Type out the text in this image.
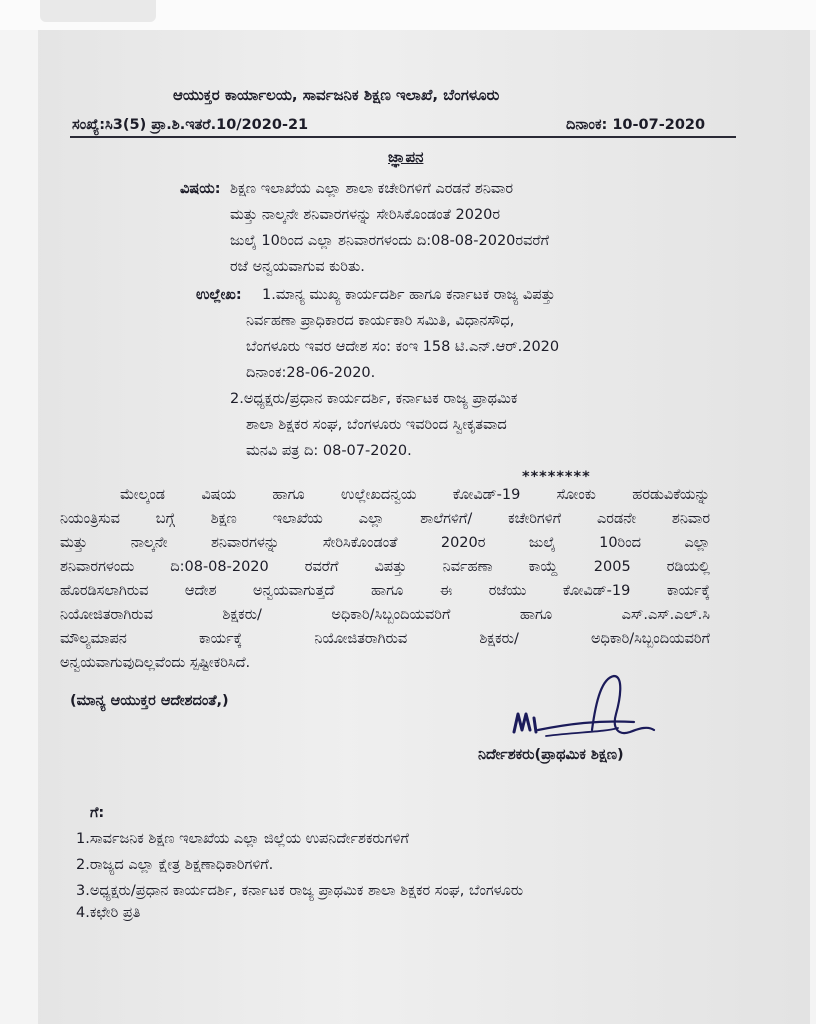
ಆಯುಕ್ತರ ಕಾರ್ಯಾಲಯ, ಸಾರ್ವಜನಿಕ ಶಿಕ್ಷಣ ಇಲಾಖೆ, ಬೆಂಗಳೂರು
ಸಂಖ್ಯೆ:ಸಿ3(5) ಪ್ರಾ.ಶಿ.ಇತರೆ.10/2020-21	ದಿನಾಂಕ: 10-07-2020
ಜ್ಞಾಪನ
ವಿಷಯ: ಶಿಕ್ಷಣ ಇಲಾಖೆಯ ಎಲ್ಲಾ ಶಾಲಾ ಕಚೇರಿಗಳಿಗೆ ಎರಡನೆ ಶನಿವಾರ
ಮತ್ತು ನಾಲ್ಕನೇ ಶನಿವಾರಗಳನ್ನು ಸೇರಿಸಿಕೊಂಡಂತೆ 2020ರ
ಜುಲೈ 10ರಿಂದ ಎಲ್ಲಾ ಶನಿವಾರಗಳಂದು ದಿ:08-08-2020ರವರೆಗೆ
ರಜೆ ಅನ್ವಯವಾಗುವ ಕುರಿತು.
ಉಲ್ಲೇಖ: 1.ಮಾನ್ಯ ಮುಖ್ಯ ಕಾರ್ಯದರ್ಶಿ ಹಾಗೂ ಕರ್ನಾಟಕ ರಾಜ್ಯ ವಿಪತ್ತು
ನಿರ್ವಹಣಾ ಪ್ರಾಧಿಕಾರದ ಕಾರ್ಯಕಾರಿ ಸಮಿತಿ, ವಿಧಾನಸೌಧ,
ಬೆಂಗಳೂರು ಇವರ ಆದೇಶ ಸಂ: ಕಂಇ 158 ಟಿ.ಎನ್.ಆರ್.2020
ದಿನಾಂಕ:28-06-2020.
2.ಅಧ್ಯಕ್ಷರು/ಪ್ರಧಾನ ಕಾರ್ಯದರ್ಶಿ, ಕರ್ನಾಟಕ ರಾಜ್ಯ ಪ್ರಾಥಮಿಕ
ಶಾಲಾ ಶಿಕ್ಷಕರ ಸಂಘ, ಬೆಂಗಳೂರು ಇವರಿಂದ ಸ್ವೀಕೃತವಾದ
ಮನವಿ ಪತ್ರ ದಿ: 08-07-2020.
********
ಮೇಲ್ಕಂಡ ವಿಷಯ ಹಾಗೂ ಉಲ್ಲೇಖದನ್ವಯ ಕೋವಿಡ್-19 ಸೋಂಕು ಹರಡುವಿಕೆಯನ್ನು
ನಿಯಂತ್ರಿಸುವ ಬಗ್ಗೆ ಶಿಕ್ಷಣ ಇಲಾಖೆಯ ಎಲ್ಲಾ ಶಾಲೆಗಳಿಗೆ/ ಕಚೇರಿಗಳಿಗೆ ಎರಡನೇ ಶನಿವಾರ
ಮತ್ತು ನಾಲ್ಕನೇ ಶನಿವಾರಗಳನ್ನು ಸೇರಿಸಿಕೊಂಡಂತೆ 2020ರ ಜುಲೈ 10ರಿಂದ ಎಲ್ಲಾ
ಶನಿವಾರಗಳಂದು ದಿ:08-08-2020 ರವರೆಗೆ ವಿಪತ್ತು ನಿರ್ವಹಣಾ ಕಾಯ್ದೆ 2005 ರಡಿಯಲ್ಲಿ
ಹೊರಡಿಸಲಾಗಿರುವ ಆದೇಶ ಅನ್ವಯವಾಗುತ್ತದೆ ಹಾಗೂ ಈ ರಜೆಯು ಕೋವಿಡ್-19 ಕಾರ್ಯಕ್ಕೆ
ನಿಯೋಜಿತರಾಗಿರುವ ಶಿಕ್ಷಕರು/ ಅಧಿಕಾರಿ/ಸಿಬ್ಬಂದಿಯವರಿಗೆ ಹಾಗೂ ಎಸ್.ಎಸ್.ಎಲ್.ಸಿ
ಮೌಲ್ಯಮಾಪನ ಕಾರ್ಯಕ್ಕೆ ನಿಯೋಜಿತರಾಗಿರುವ ಶಿಕ್ಷಕರು/ ಅಧಿಕಾರಿ/ಸಿಬ್ಬಂದಿಯವರಿಗೆ
ಅನ್ವಯವಾಗುವುದಿಲ್ಲವೆಂದು ಸ್ಪಷ್ಟೀಕರಿಸಿದೆ.
(ಮಾನ್ಯ ಆಯುಕ್ತರ ಆದೇಶದಂತೆ,)
ನಿರ್ದೇಶಕರು(ಪ್ರಾಥಮಿಕ ಶಿಕ್ಷಣ)
ಗೆ:
1.ಸಾರ್ವಜನಿಕ ಶಿಕ್ಷಣ ಇಲಾಖೆಯ ಎಲ್ಲಾ ಜಿಲ್ಲೆಯ ಉಪನಿರ್ದೇಶಕರುಗಳಿಗೆ
2.ರಾಜ್ಯದ ಎಲ್ಲಾ ಕ್ಷೇತ್ರ ಶಿಕ್ಷಣಾಧಿಕಾರಿಗಳಿಗೆ.
3.ಅಧ್ಯಕ್ಷರು/ಪ್ರಧಾನ ಕಾರ್ಯದರ್ಶಿ, ಕರ್ನಾಟಕ ರಾಜ್ಯ ಪ್ರಾಥಮಿಕ ಶಾಲಾ ಶಿಕ್ಷಕರ ಸಂಘ, ಬೆಂಗಳೂರು
4.ಕಛೇರಿ ಪ್ರತಿ
